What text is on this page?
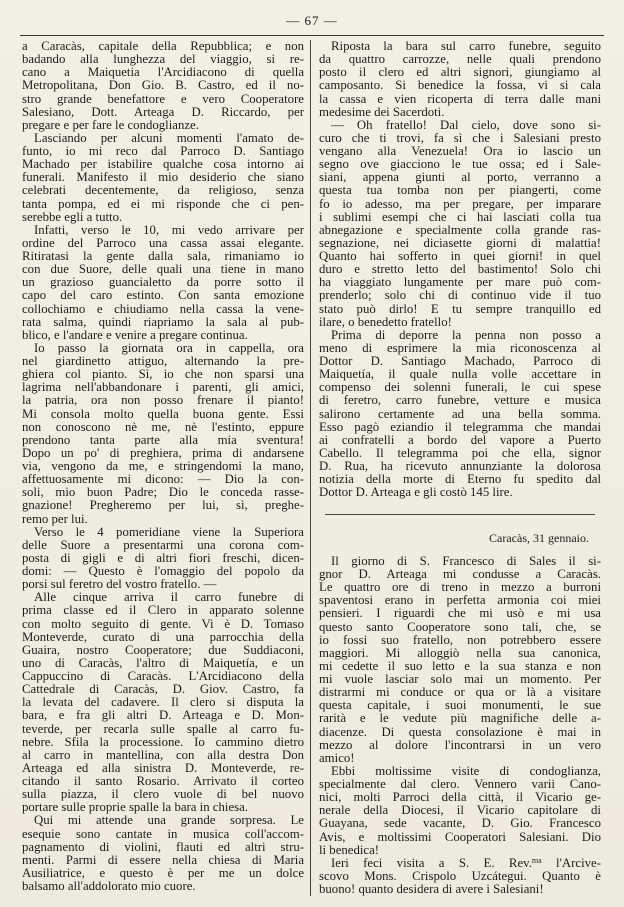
— 67 —
a Caracàs, capitale della Repubblica; e non
badando alla lunghezza del viaggio, si re-
cano a Maiquetia l'Arcidiacono di quella
Metropolitana, Don Gio. B. Castro, ed il no-
stro grande benefattore e vero Cooperatore
Salesiano, Dott. Arteaga D. Riccardo, per
pregare e per fare le condoglianze.
Lasciando per alcuni momenti l'amato de-
funto, io mi reco dal Parroco D. Santiago
Machado per istabilire qualche cosa intorno ai
funerali. Manifesto il mio desiderio che siano
celebrati decentemente, da religioso, senza
tanta pompa, ed ei mi risponde che ci pen-
serebbe egli a tutto.
Infatti, verso le 10, mi vedo arrivare per
ordine del Parroco una cassa assai elegante.
Ritiratasi la gente dalla sala, rimaniamo io
con due Suore, delle quali una tiene in mano
un grazioso guancialetto da porre sotto il
capo del caro estinto. Con santa emozione
collochiamo e chiudiamo nella cassa la vene-
rata salma, quindi riapriamo la sala al pub-
blico, e l'andare e venire a pregare continua.
Io passo la giornata ora in cappella, ora
nel giardinetto attiguo, alternando la pre-
ghiera col pianto. Sì, io che non sparsi una
lagrima nell'abbandonare i parenti, gli amici,
la patria, ora non posso frenare il pianto!
Mi consola molto quella buona gente. Essi
non conoscono nè me, nè l'estinto, eppure
prendono tanta parte alla mia sventura!
Dopo un po' di preghiera, prima di andarsene
via, vengono da me, e stringendomi la mano,
affettuosamente mi dicono: — Dio la con-
soli, mio buon Padre; Dio le conceda rasse-
gnazione! Pregheremo per lui, sì, preghe-
remo per lui.
Verso le 4 pomeridiane viene la Superiora
delle Suore a presentarmi una corona com-
posta di gigli e di altri fiori freschi, dicen-
domi: — Questo è l'omaggio del popolo da
porsi sul feretro del vostro fratello. —
Alle cinque arriva il carro funebre di
prima classe ed il Clero in apparato solenne
con molto seguito di gente. Vi è D. Tomaso
Monteverde, curato di una parrocchia della
Guaira, nostro Cooperatore; due Suddiaconi,
uno di Caracàs, l'altro di Maiquetía, e un
Cappuccino di Caracàs. L'Arcidiacono della
Cattedrale di Caracàs, D. Giov. Castro, fa
la levata del cadavere. Il clero si disputa la
bara, e fra gli altri D. Arteaga e D. Mon-
teverde, per recarla sulle spalle al carro fu-
nebre. Sfila la processione. Io cammino dietro
al carro in mantellina, con alla destra Don
Arteaga ed alla sinistra D. Monteverde, re-
citando il santo Rosario. Arrivato il corteo
sulla piazza, il clero vuole di bel nuovo
portare sulle proprie spalle la bara in chiesa.
Qui mi attende una grande sorpresa. Le
esequie sono cantate in musica coll'accom-
pagnamento di violini, flauti ed altri stru-
menti. Parmi di essere nella chiesa di Maria
Ausiliatrice, e questo è per me un dolce
balsamo all'addolorato mio cuore.
Riposta la bara sul carro funebre, seguito
da quattro carrozze, nelle quali prendono
posto il clero ed altri signori, giungiamo al
camposanto. Si benedice la fossa, vi si cala
la cassa e vien ricoperta di terra dalle mani
medesime dei Sacerdoti.
— Oh fratello! Dal cielo, dove sono si-
curo che ti trovi, fa sì che i Salesiani presto
vengano alla Venezuela! Ora io lascio un
segno ove giacciono le tue ossa; ed i Sale-
siani, appena giunti al porto, verranno a
questa tua tomba non per piangerti, come
fo io adesso, ma per pregare, per imparare
i sublimi esempi che ci hai lasciati colla tua
abnegazione e specialmente colla grande ras-
segnazione, nei diciasette giorni di malattia!
Quanto hai sofferto in quei giorni! in quel
duro e stretto letto del bastimento! Solo chi
ha viaggiato lungamente per mare può com-
prenderlo; solo chi di continuo vide il tuo
stato può dirlo! E tu sempre tranquillo ed
ilare, o benedetto fratello!
Prima di deporre la penna non posso a
meno di esprimere la mia riconoscenza al
Dottor D. Santiago Machado, Parroco di
Maiquetía, il quale nulla volle accettare in
compenso dei solenni funerali, le cui spese
di feretro, carro funebre, vetture e musica
salirono certamente ad una bella somma.
Esso pagò eziandio il telegramma che mandai
ai confratelli a bordo del vapore a Puerto
Cabello. Il telegramma poi che ella, signor
D. Rua, ha ricevuto annunziante la dolorosa
notizia della morte di Eterno fu spedito dal
Dottor D. Arteaga e gli costò 145 lire.
Caracàs, 31 gennaio.
Il giorno di S. Francesco di Sales il si-
gnor D. Arteaga mi condusse a Caracàs.
Le quattro ore di treno in mezzo a burroni
spaventosi erano in perfetta armonia coi miei
pensieri. I riguardi che mi usò e mi usa
questo santo Cooperatore sono tali, che, se
io fossi suo fratello, non potrebbero essere
maggiori. Mi alloggiò nella sua canonica,
mi cedette il suo letto e la sua stanza e non
mi vuole lasciar solo mai un momento. Per
distrarmi mi conduce or qua or là a visitare
questa capitale, i suoi monumenti, le sue
rarità e le vedute più magnifiche delle a-
diacenze. Di questa consolazione è mai in
mezzo al dolore l'incontrarsi in un vero
amico!
Ebbi moltissime visite di condoglianza,
specialmente dal clero. Vennero varii Cano-
nici, molti Parroci della città, il Vicario ge-
nerale della Diocesi, il Vicario capitolare di
Guayana, sede vacante, D. Gio. Francesco
Avis, e moltissimi Cooperatori Salesiani. Dio
li benedica!
Ieri feci visita a S. E. Rev.$^{ma}$ l'Arcive-
scovo Mons. Crispolo Uzcátegui. Quanto è
buono! quanto desidera di avere i Salesiani!
